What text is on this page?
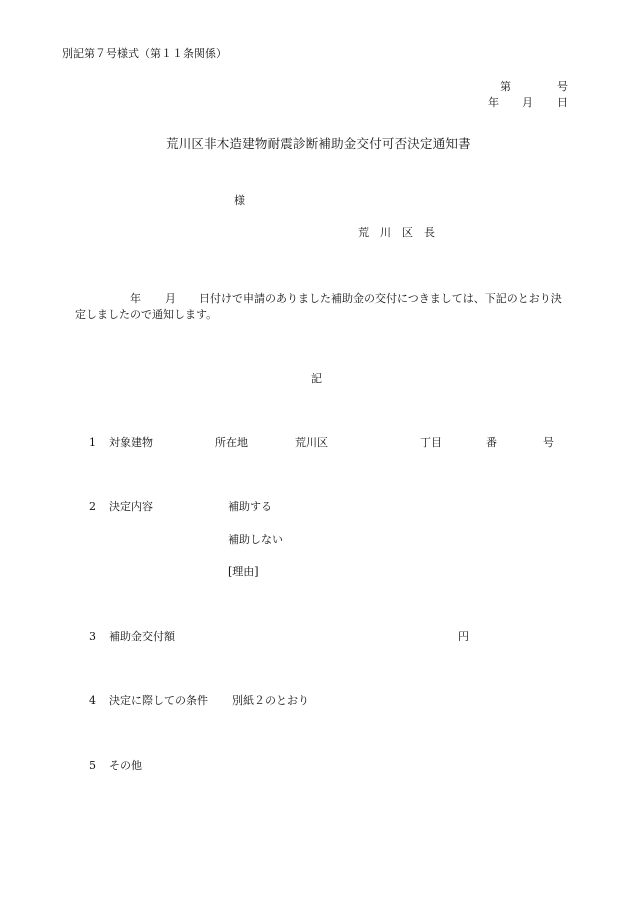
別記第７号様式（第１１条関係）
第	号
年 月 日
荒川区非木造建物耐震診断補助金交付可否決定通知書
様
荒　川　区　長
年 月 日付けで申請のありました補助金の交付につきましては、下記のとおり決
定しましたので通知します。
記
1 対象建物	所在地	荒川区	丁目	番	号
2 決定内容	補助する
補助しない
[理由]
3 補助金交付額	円
4 決定に際しての条件 別紙２のとおり
5 その他
